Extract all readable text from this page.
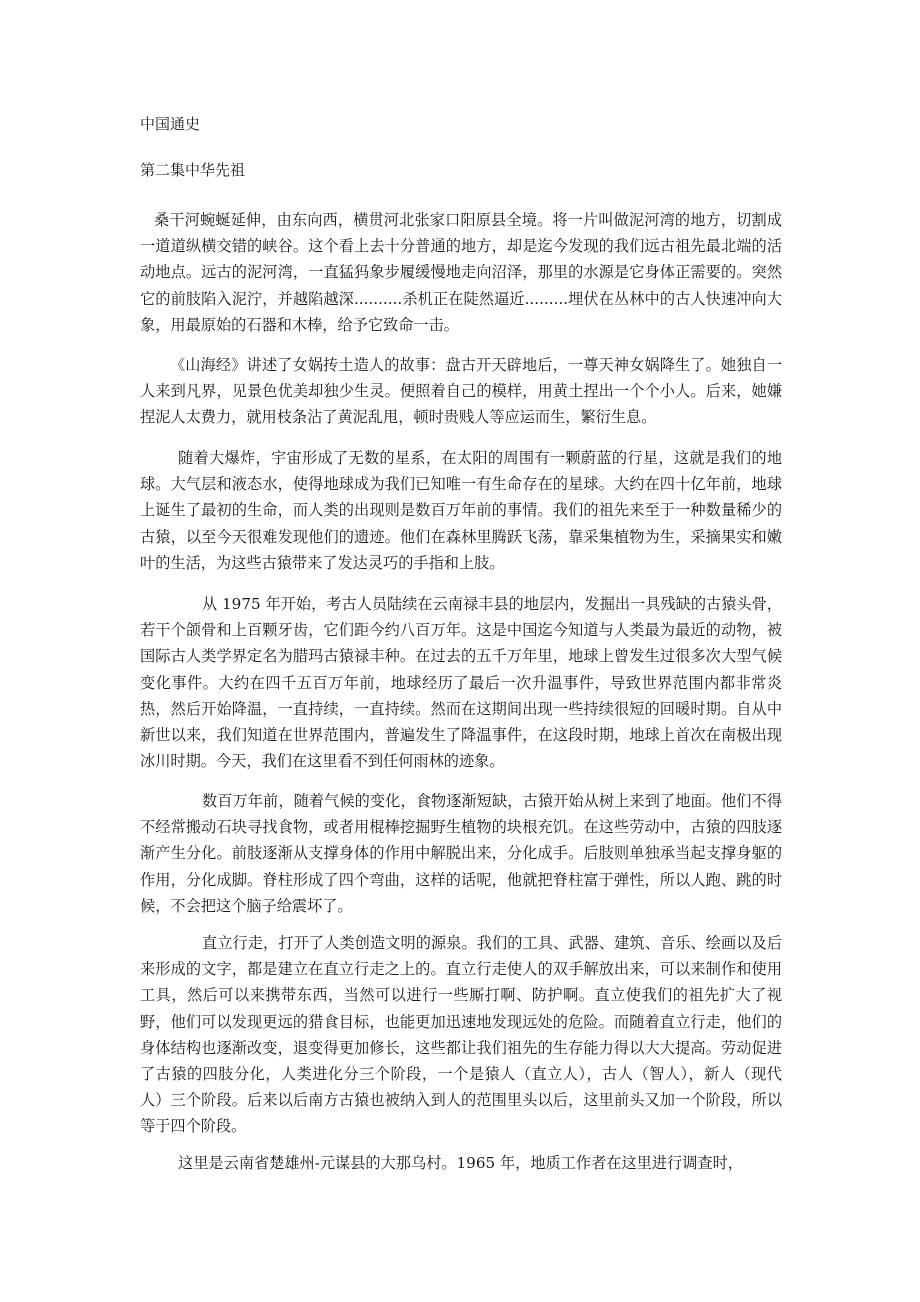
中国通史
第二集中华先祖

桑干河蜿蜒延伸，由东向西，横贯河北张家口阳原县全境。将一片叫做泥河湾的地方，切割成一道道纵横交错的峡谷。这个看上去十分普通的地方，却是迄今发现的我们远古祖先最北端的活动地点。远古的泥河湾，一直猛犸象步履缓慢地走向沼泽，那里的水源是它身体正需要的。突然它的前肢陷入泥泞，并越陷越深..........杀机正在陡然逼近.........埋伏在丛林中的古人快速冲向大象，用最原始的石器和木棒，给予它致命一击。

《山海经》讲述了女娲抟土造人的故事：盘古开天辟地后，一尊天神女娲降生了。她独自一人来到凡界，见景色优美却独少生灵。便照着自己的模样，用黄土捏出一个个小人。后来，她嫌捏泥人太费力，就用枝条沾了黄泥乱甩，顿时贵贱人等应运而生，繁衍生息。

随着大爆炸，宇宙形成了无数的星系，在太阳的周围有一颗蔚蓝的行星，这就是我们的地球。大气层和液态水，使得地球成为我们已知唯一有生命存在的星球。大约在四十亿年前，地球上诞生了最初的生命，而人类的出现则是数百万年前的事情。我们的祖先来至于一种数量稀少的古猿，以至今天很难发现他们的遗迹。他们在森林里腾跃飞荡，靠采集植物为生，采摘果实和嫩叶的生活，为这些古猿带来了发达灵巧的手指和上肢。

从 1975 年开始，考古人员陆续在云南禄丰县的地层内，发掘出一具残缺的古猿头骨，若干个颌骨和上百颗牙齿，它们距今约八百万年。这是中国迄今知道与人类最为最近的动物，被国际古人类学界定名为腊玛古猿禄丰种。在过去的五千万年里，地球上曾发生过很多次大型气候变化事件。大约在四千五百万年前，地球经历了最后一次升温事件，导致世界范围内都非常炎热，然后开始降温，一直持续，一直持续。然而在这期间出现一些持续很短的回暖时期。自从中新世以来，我们知道在世界范围内，普遍发生了降温事件，在这段时期，地球上首次在南极出现冰川时期。今天，我们在这里看不到任何雨林的迹象。

数百万年前，随着气候的变化，食物逐渐短缺，古猿开始从树上来到了地面。他们不得不经常搬动石块寻找食物，或者用棍棒挖掘野生植物的块根充饥。在这些劳动中，古猿的四肢逐渐产生分化。前肢逐渐从支撑身体的作用中解脱出来，分化成手。后肢则单独承当起支撑身躯的作用，分化成脚。脊柱形成了四个弯曲，这样的话呢，他就把脊柱富于弹性，所以人跑、跳的时候，不会把这个脑子给震坏了。

直立行走，打开了人类创造文明的源泉。我们的工具、武器、建筑、音乐、绘画以及后来形成的文字，都是建立在直立行走之上的。直立行走使人的双手解放出来，可以来制作和使用工具，然后可以来携带东西，当然可以进行一些厮打啊、防护啊。直立使我们的祖先扩大了视野，他们可以发现更远的猎食目标，也能更加迅速地发现远处的危险。而随着直立行走，他们的身体结构也逐渐改变，退变得更加修长，这些都让我们祖先的生存能力得以大大提高。劳动促进了古猿的四肢分化，人类进化分三个阶段，一个是猿人（直立人），古人（智人），新人（现代人）三个阶段。后来以后南方古猿也被纳入到人的范围里头以后，这里前头又加一个阶段，所以等于四个阶段。

这里是云南省楚雄州-元谋县的大那乌村。1965 年，地质工作者在这里进行调查时，
